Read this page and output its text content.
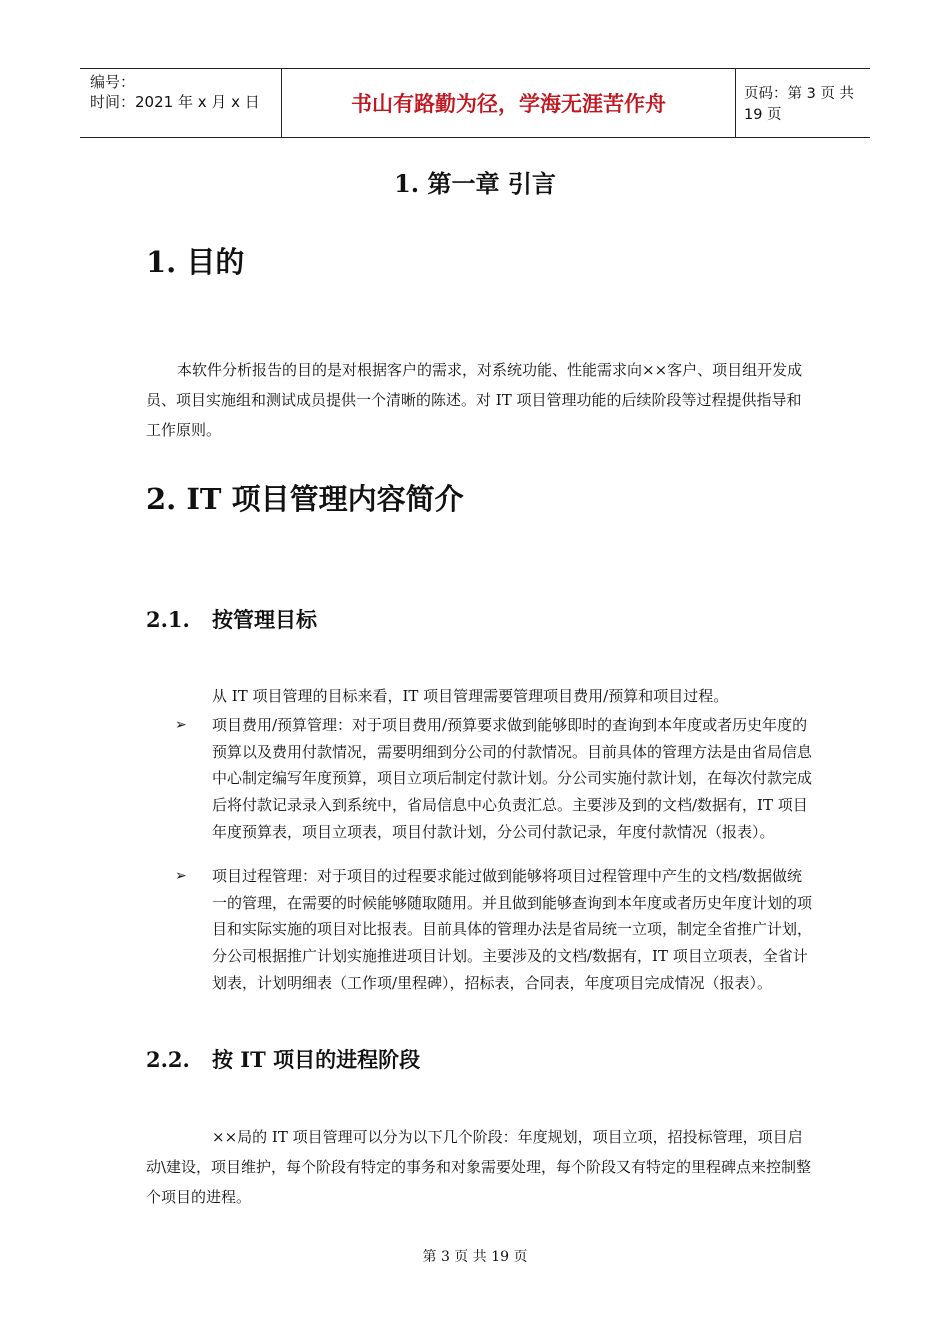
编号：
时间：2021 年 x 月 x 日	书山有路勤为径，学海无涯苦作舟	页码：第 3 页 共 19 页
1. 第一章 引言
1. 目的

本软件分析报告的目的是对根据客户的需求，对系统功能、性能需求向××客户、项目组开发成员、项目实施组和测试成员提供一个清晰的陈述。对 IT 项目管理功能的后续阶段等过程提供指导和工作原则。

2. IT 项目管理内容简介
2.1. 按管理目标

从 IT 项目管理的目标来看，IT 项目管理需要管理项目费用/预算和项目过程。

➢ 项目费用/预算管理：对于项目费用/预算要求做到能够即时的查询到本年度或者历史年度的预算以及费用付款情况，需要明细到分公司的付款情况。目前具体的管理方法是由省局信息中心制定编写年度预算，项目立项后制定付款计划。分公司实施付款计划，在每次付款完成后将付款记录录入到系统中，省局信息中心负责汇总。主要涉及到的文档/数据有，IT 项目年度预算表，项目立项表，项目付款计划，分公司付款记录，年度付款情况（报表）。
➢ 项目过程管理：对于项目的过程要求能过做到能够将项目过程管理中产生的文档/数据做统一的管理，在需要的时候能够随取随用。并且做到能够查询到本年度或者历史年度计划的项目和实际实施的项目对比报表。目前具体的管理办法是省局统一立项，制定全省推广计划，分公司根据推广计划实施推进项目计划。主要涉及的文档/数据有，IT 项目立项表，全省计划表，计划明细表（工作项/里程碑），招标表，合同表，年度项目完成情况（报表）。
2.2. 按 IT 项目的进程阶段

××局的 IT 项目管理可以分为以下几个阶段：年度规划，项目立项，招投标管理，项目启动\建设，项目维护，每个阶段有特定的事务和对象需要处理，每个阶段又有特定的里程碑点来控制整个项目的进程。

第 3 页 共 19 页
